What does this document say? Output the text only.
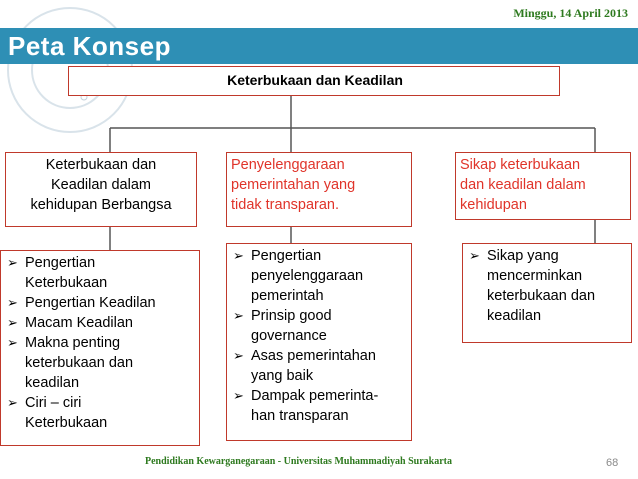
Minggu, 14 April 2013
Peta Konsep
Keterbukaan dan Keadilan
Keterbukaan dan
Keadilan dalam
kehidupan Berbangsa
Penyelenggaraan
pemerintahan yang
tidak transparan.
Sikap keterbukaan
dan keadilan dalam
kehidupan
➢ Pengertian
Keterbukaan
➢ Pengertian Keadilan
➢ Macam Keadilan
➢ Makna penting
keterbukaan dan
keadilan
➢ Ciri – ciri
Keterbukaan
➢ Pengertian
penyelenggaraan
pemerintah
➢ Prinsip good
governance
➢ Asas pemerintahan
yang baik
➢ Dampak pemerinta-
han transparan
➢ Sikap yang
mencerminkan
keterbukaan dan
keadilan
Pendidikan Kewarganegaraan - Universitas Muhammadiyah Surakarta	68
